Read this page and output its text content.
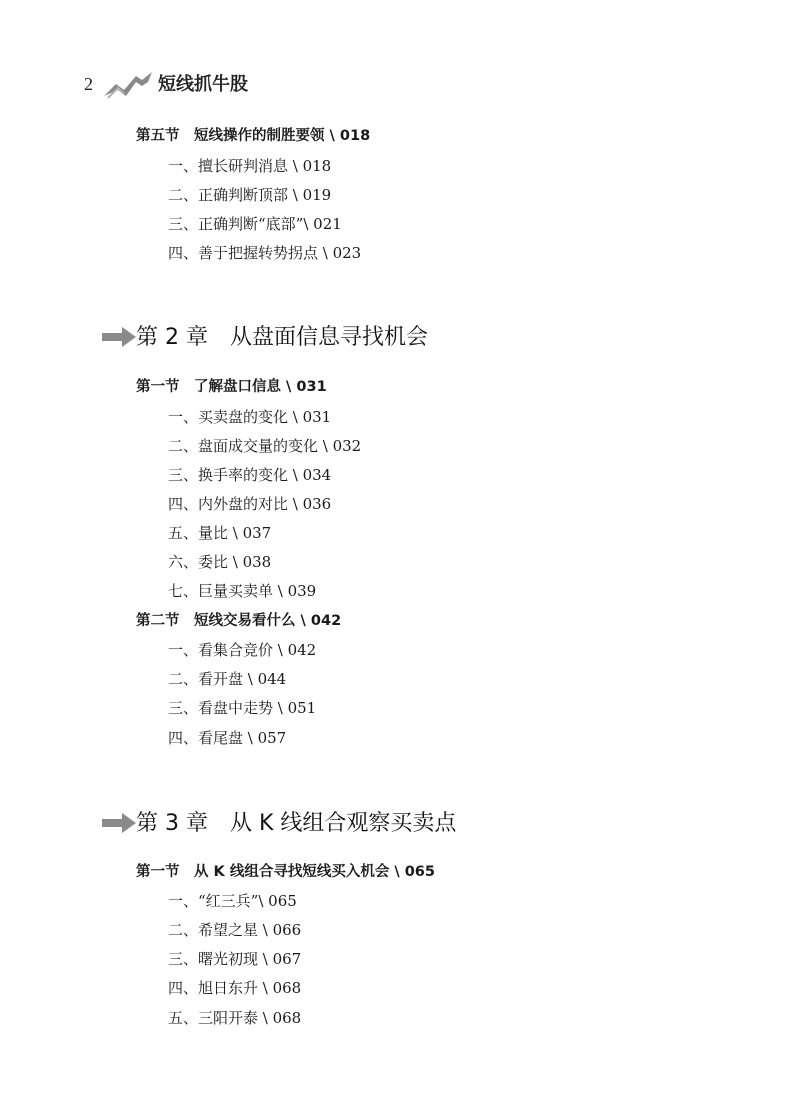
2	短线抓牛股
第五节　短线操作的制胜要领 \ 018
一、擅长研判消息 \ 018
二、正确判断顶部 \ 019
三、正确判断“底部”\ 021
四、善于把握转势拐点 \ 023
第 2 章　从盘面信息寻找机会
第一节　了解盘口信息 \ 031
一、买卖盘的变化 \ 031
二、盘面成交量的变化 \ 032
三、换手率的变化 \ 034
四、内外盘的对比 \ 036
五、量比 \ 037
六、委比 \ 038
七、巨量买卖单 \ 039
第二节　短线交易看什么 \ 042
一、看集合竞价 \ 042
二、看开盘 \ 044
三、看盘中走势 \ 051
四、看尾盘 \ 057
第 3 章　从 K 线组合观察买卖点
第一节　从 K 线组合寻找短线买入机会 \ 065
一、“红三兵”\ 065
二、希望之星 \ 066
三、曙光初现 \ 067
四、旭日东升 \ 068
五、三阳开泰 \ 068
